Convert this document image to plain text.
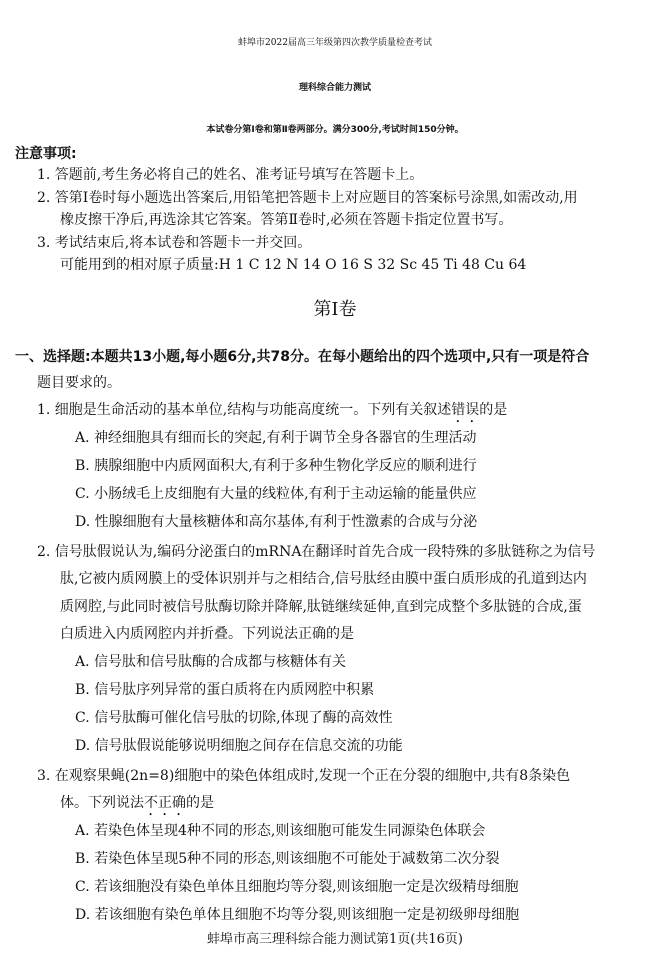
蚌埠市2022届高三年级第四次教学质量检查考试
理科综合能力测试
本试卷分第Ⅰ卷和第Ⅱ卷两部分。满分300分,考试时间150分钟。
注意事项:
1. 答题前,考生务必将自己的姓名、准考证号填写在答题卡上。
2. 答第Ⅰ卷时每小题选出答案后,用铅笔把答题卡上对应题目的答案标号涂黑,如需改动,用
橡皮擦干净后,再选涂其它答案。答第Ⅱ卷时,必须在答题卡指定位置书写。
3. 考试结束后,将本试卷和答题卡一并交回。
可能用到的相对原子质量:H 1 C 12 N 14 O 16 S 32 Sc 45 Ti 48 Cu 64
第Ⅰ卷
一、选择题:本题共13小题,每小题6分,共78分。在每小题给出的四个选项中,只有一项是符合
题目要求的。
1. 细胞是生命活动的基本单位,结构与功能高度统一。下列有关叙述错误的是
A. 神经细胞具有细而长的突起,有利于调节全身各器官的生理活动
B. 胰腺细胞中内质网面积大,有利于多种生物化学反应的顺利进行
C. 小肠绒毛上皮细胞有大量的线粒体,有利于主动运输的能量供应
D. 性腺细胞有大量核糖体和高尔基体,有利于性激素的合成与分泌
2. 信号肽假说认为,编码分泌蛋白的mRNA在翻译时首先合成一段特殊的多肽链称之为信号
肽,它被内质网膜上的受体识别并与之相结合,信号肽经由膜中蛋白质形成的孔道到达内
质网腔,与此同时被信号肽酶切除并降解,肽链继续延伸,直到完成整个多肽链的合成,蛋
白质进入内质网腔内并折叠。下列说法正确的是
A. 信号肽和信号肽酶的合成都与核糖体有关
B. 信号肽序列异常的蛋白质将在内质网腔中积累
C. 信号肽酶可催化信号肽的切除,体现了酶的高效性
D. 信号肽假说能够说明细胞之间存在信息交流的功能
3. 在观察果蝇(2n=8)细胞中的染色体组成时,发现一个正在分裂的细胞中,共有8条染色
体。下列说法不正确的是
A. 若染色体呈现4种不同的形态,则该细胞可能发生同源染色体联会
B. 若染色体呈现5种不同的形态,则该细胞不可能处于减数第二次分裂
C. 若该细胞没有染色单体且细胞均等分裂,则该细胞一定是次级精母细胞
D. 若该细胞有染色单体且细胞不均等分裂,则该细胞一定是初级卵母细胞
蚌埠市高三理科综合能力测试第1页(共16页)
